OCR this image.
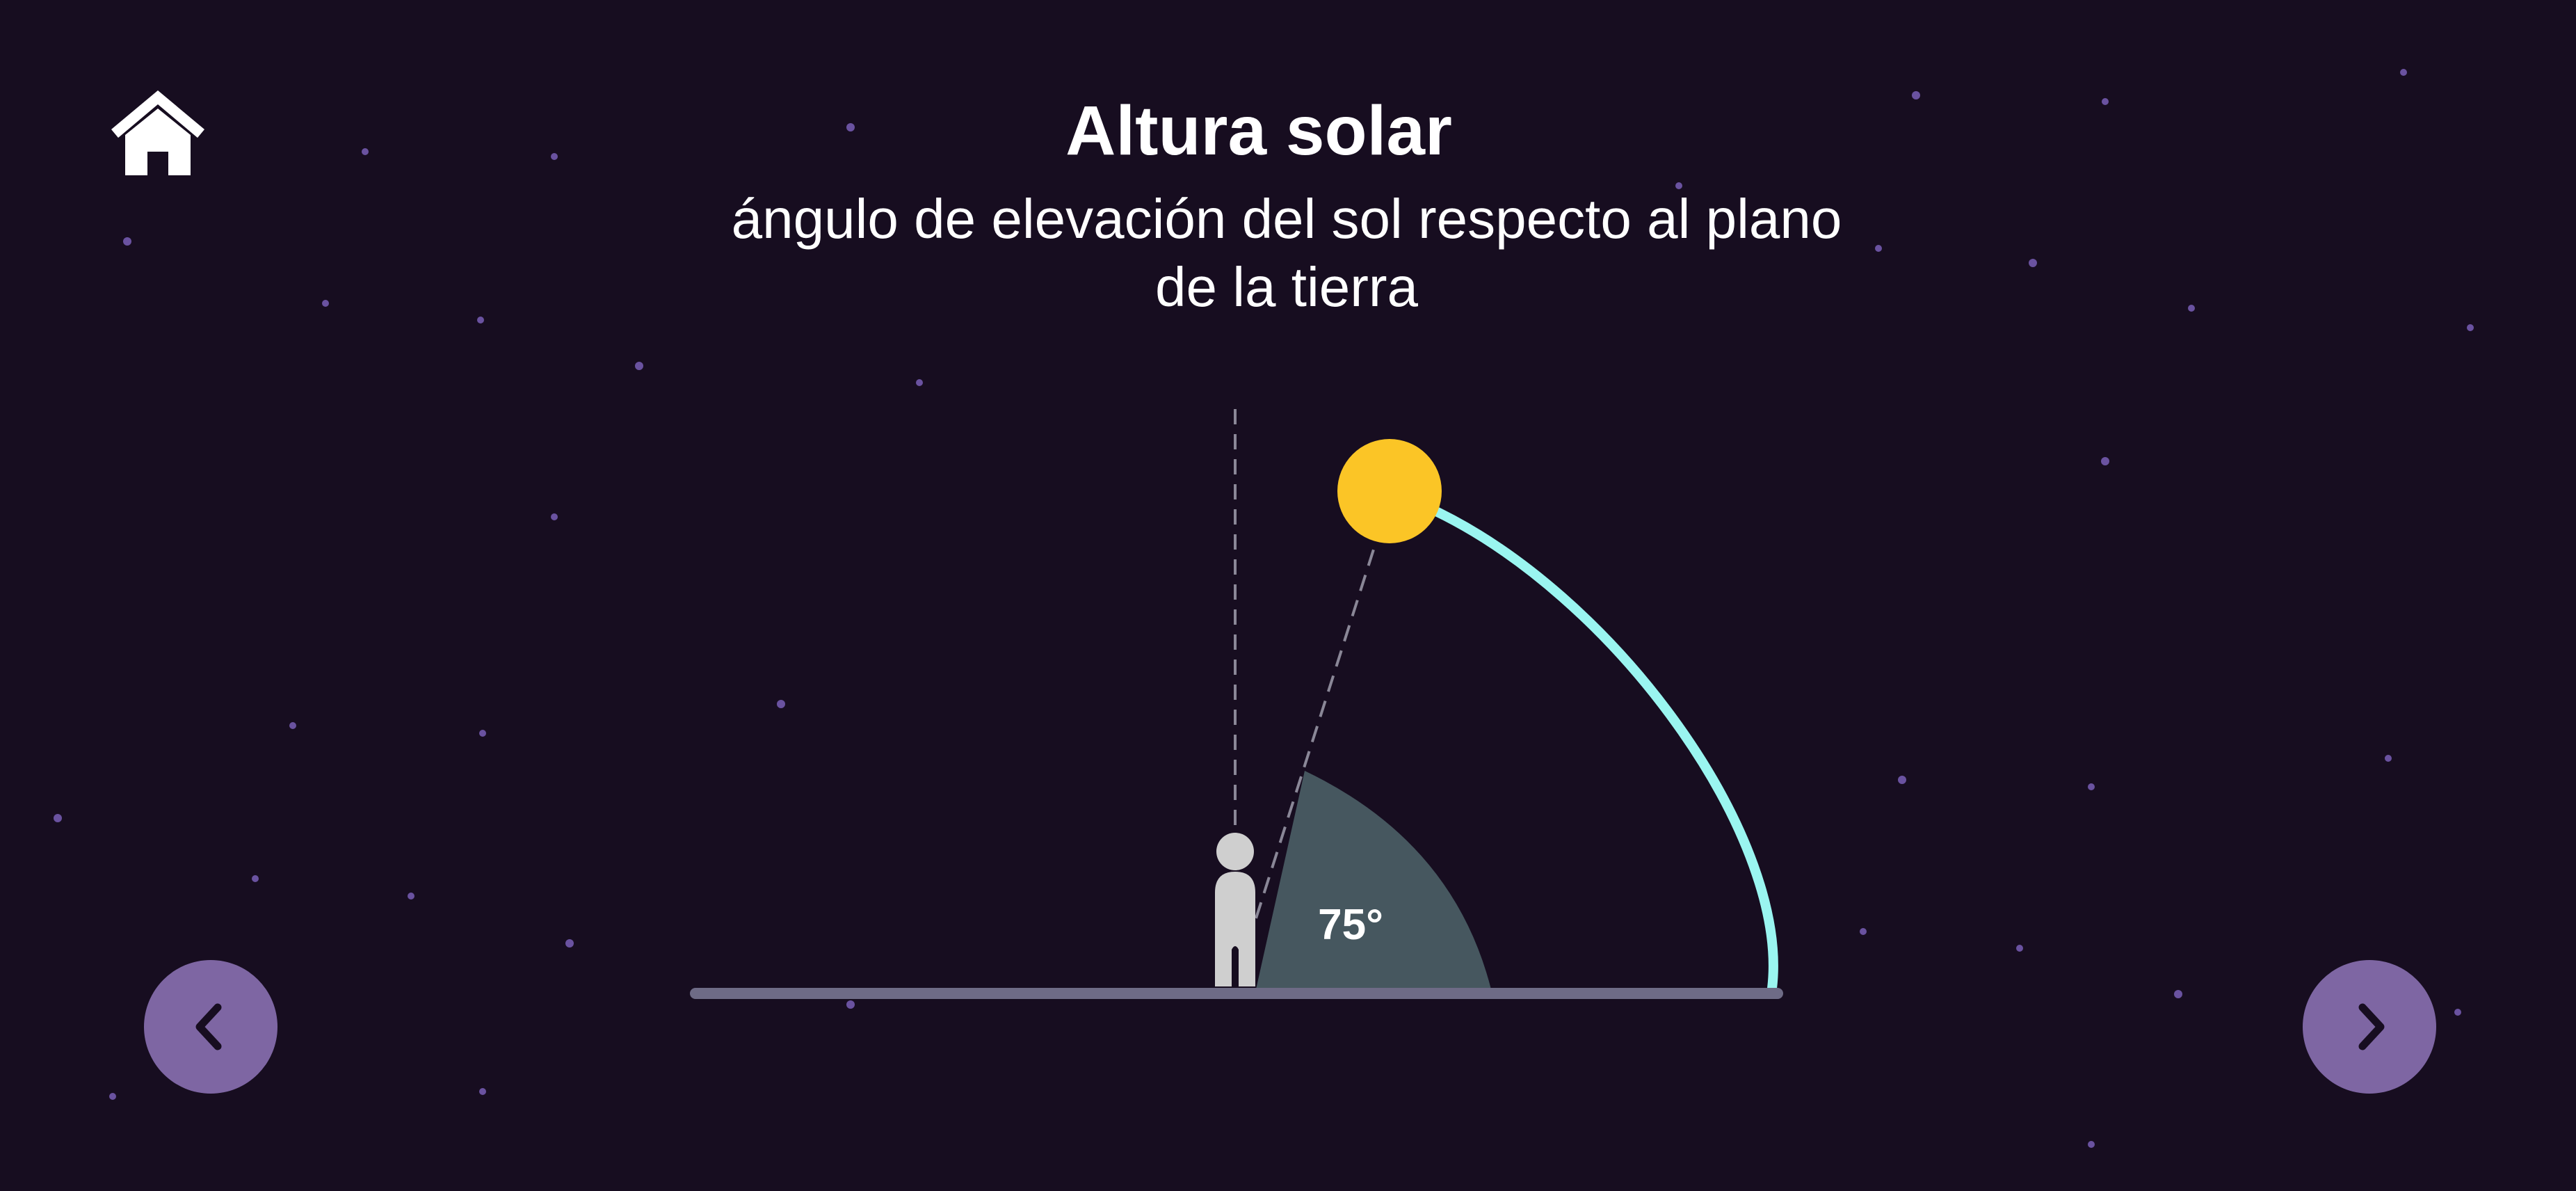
75°
Altura solar

ángulo de elevación del sol respecto al plano de la tierra
